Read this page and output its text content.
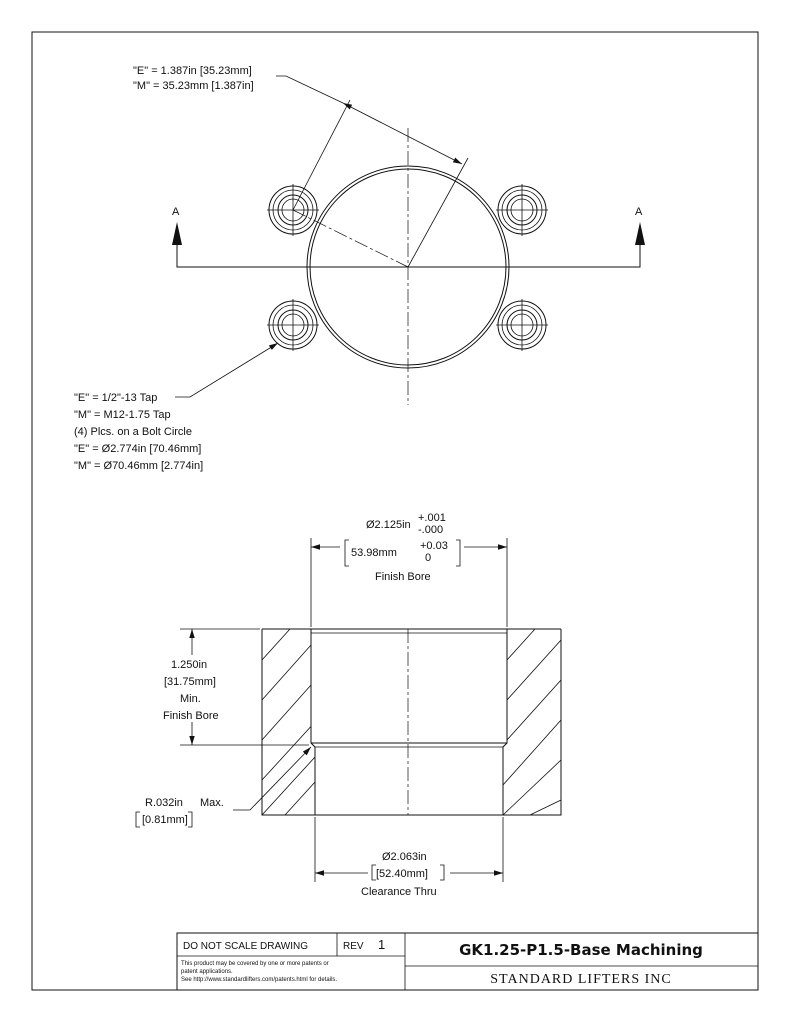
A	A
"E" = 1.387in [35.23mm]
"M" = 35.23mm [1.387in]
"E" = 1/2"-13 Tap
"M" = M12-1.75 Tap
(4) Plcs. on a Bolt Circle
"E" = Ø2.774in [70.46mm]
"M" = Ø70.46mm [2.774in]
Ø2.125in
+.001
-.000
53.98mm
+0.03
0
Finish Bore
1.250in
[31.75mm]
Min.
Finish Bore
R.032in Max.
[0.81mm]
Ø2.063in
[52.40mm]
Clearance Thru
DO NOT SCALE DRAWING	REV 1	GK1.25-P1.5-Base Machining
STANDARD LIFTERS INC
This product may be covered by one or more patents or
patent applications.
See http://www.standardlifters.com/patents.html for details.
